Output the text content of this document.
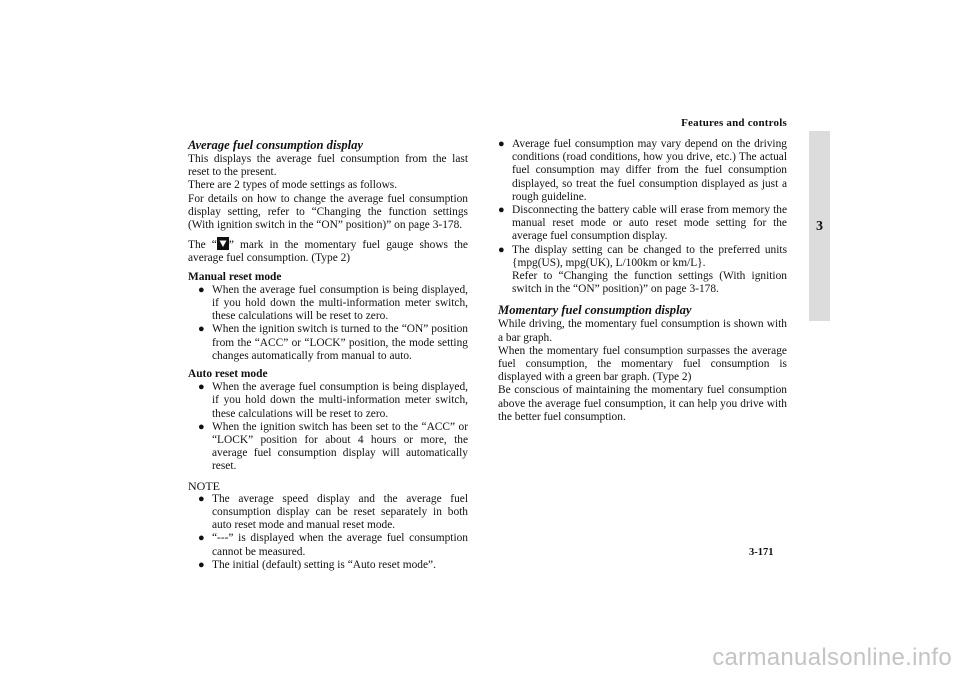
Features and controls
3
Average fuel consumption display

This displays the average fuel consumption from the last reset to the present.

There are 2 types of mode settings as follows.

For details on how to change the average fuel consumption display setting, refer to “Changing the function settings (With ignition switch in the “ON” position)” on page 3-178.

The “ ” mark in the momentary fuel gauge shows the average fuel consumption. (Type 2)

Manual reset mode
● When the average fuel consumption is being displayed, if you hold down the multi-information meter switch, these calculations will be reset to zero.
● When the ignition switch is turned to the “ON” position from the “ACC” or “LOCK” position, the mode setting changes automatically from manual to auto.
Auto reset mode
● When the average fuel consumption is being displayed, if you hold down the multi-information meter switch, these calculations will be reset to zero.
● When the ignition switch has been set to the “ACC” or “LOCK” position for about 4 hours or more, the average fuel consumption display will automatically reset.
NOTE
● The average speed display and the average fuel consumption display can be reset separately in both auto reset mode and manual reset mode.
● “---” is displayed when the average fuel consumption cannot be measured.
● The initial (default) setting is “Auto reset mode”.
● Average fuel consumption may vary depend on the driving conditions (road conditions, how you drive, etc.) The actual fuel consumption may differ from the fuel consumption displayed, so treat the fuel consumption displayed as just a rough guideline.
● Disconnecting the battery cable will erase from memory the manual reset mode or auto reset mode setting for the average fuel consumption display.
● The display setting can be changed to the preferred units {mpg(US), mpg(UK), L/100km or km/L}.
Refer to “Changing the function settings (With ignition switch in the “ON” position)” on page 3-178.
Momentary fuel consumption display

While driving, the momentary fuel consumption is shown with a bar graph.

When the momentary fuel consumption surpasses the average fuel consumption, the momentary fuel consumption is displayed with a green bar graph. (Type 2)

Be conscious of maintaining the momentary fuel consumption above the average fuel consumption, it can help you drive with the better fuel consumption.

3-171
carmanualsonline.info
